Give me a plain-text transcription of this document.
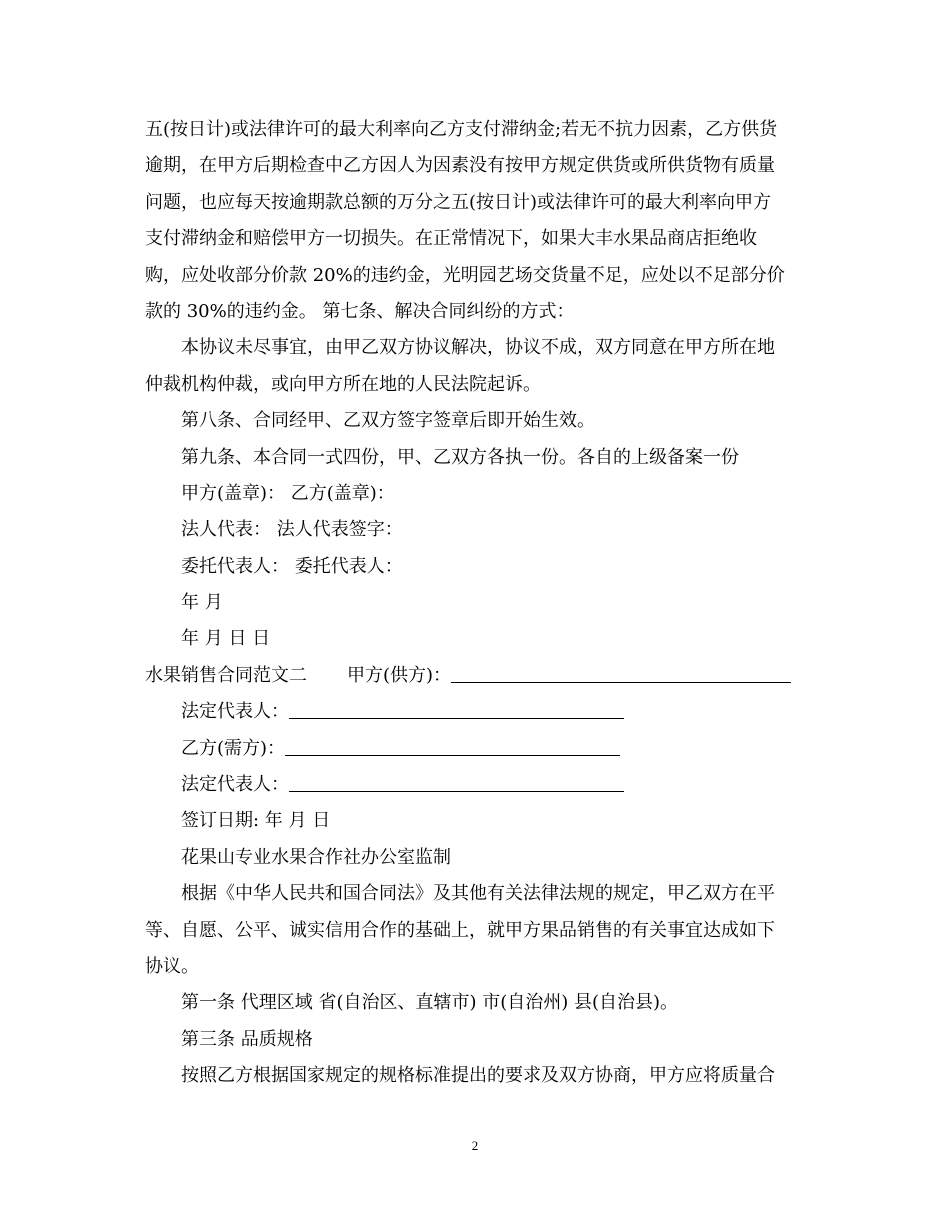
五(按日计)或法律许可的最大利率向乙方支付滞纳金;若无不抗力因素，乙方供货
逾期，在甲方后期检查中乙方因人为因素没有按甲方规定供货或所供货物有质量
问题，也应每天按逾期款总额的万分之五(按日计)或法律许可的最大利率向甲方
支付滞纳金和赔偿甲方一切损失。在正常情况下，如果大丰水果品商店拒绝收
购，应处收部分价款 20%的违约金，光明园艺场交货量不足，应处以不足部分价
款的 30%的违约金。 第七条、解决合同纠纷的方式：
本协议未尽事宜，由甲乙双方协议解决，协议不成，双方同意在甲方所在地
仲裁机构仲裁，或向甲方所在地的人民法院起诉。
第八条、合同经甲、乙双方签字签章后即开始生效。
第九条、本合同一式四份，甲、乙双方各执一份。各自的上级备案一份
甲方(盖章)： 乙方(盖章)：
法人代表： 法人代表签字：
委托代表人： 委托代表人：
年 月
年 月 日 日
水果销售合同范文二 甲方(供方)：
法定代表人：
乙方(需方)：
法定代表人：
签订日期: 年 月 日
花果山专业水果合作社办公室监制
根据《中华人民共和国合同法》及其他有关法律法规的规定，甲乙双方在平
等、自愿、公平、诚实信用合作的基础上，就甲方果品销售的有关事宜达成如下
协议。
第一条 代理区域 省(自治区、直辖市) 市(自治州) 县(自治县)。
第三条 品质规格
按照乙方根据国家规定的规格标准提出的要求及双方协商，甲方应将质量合
2
